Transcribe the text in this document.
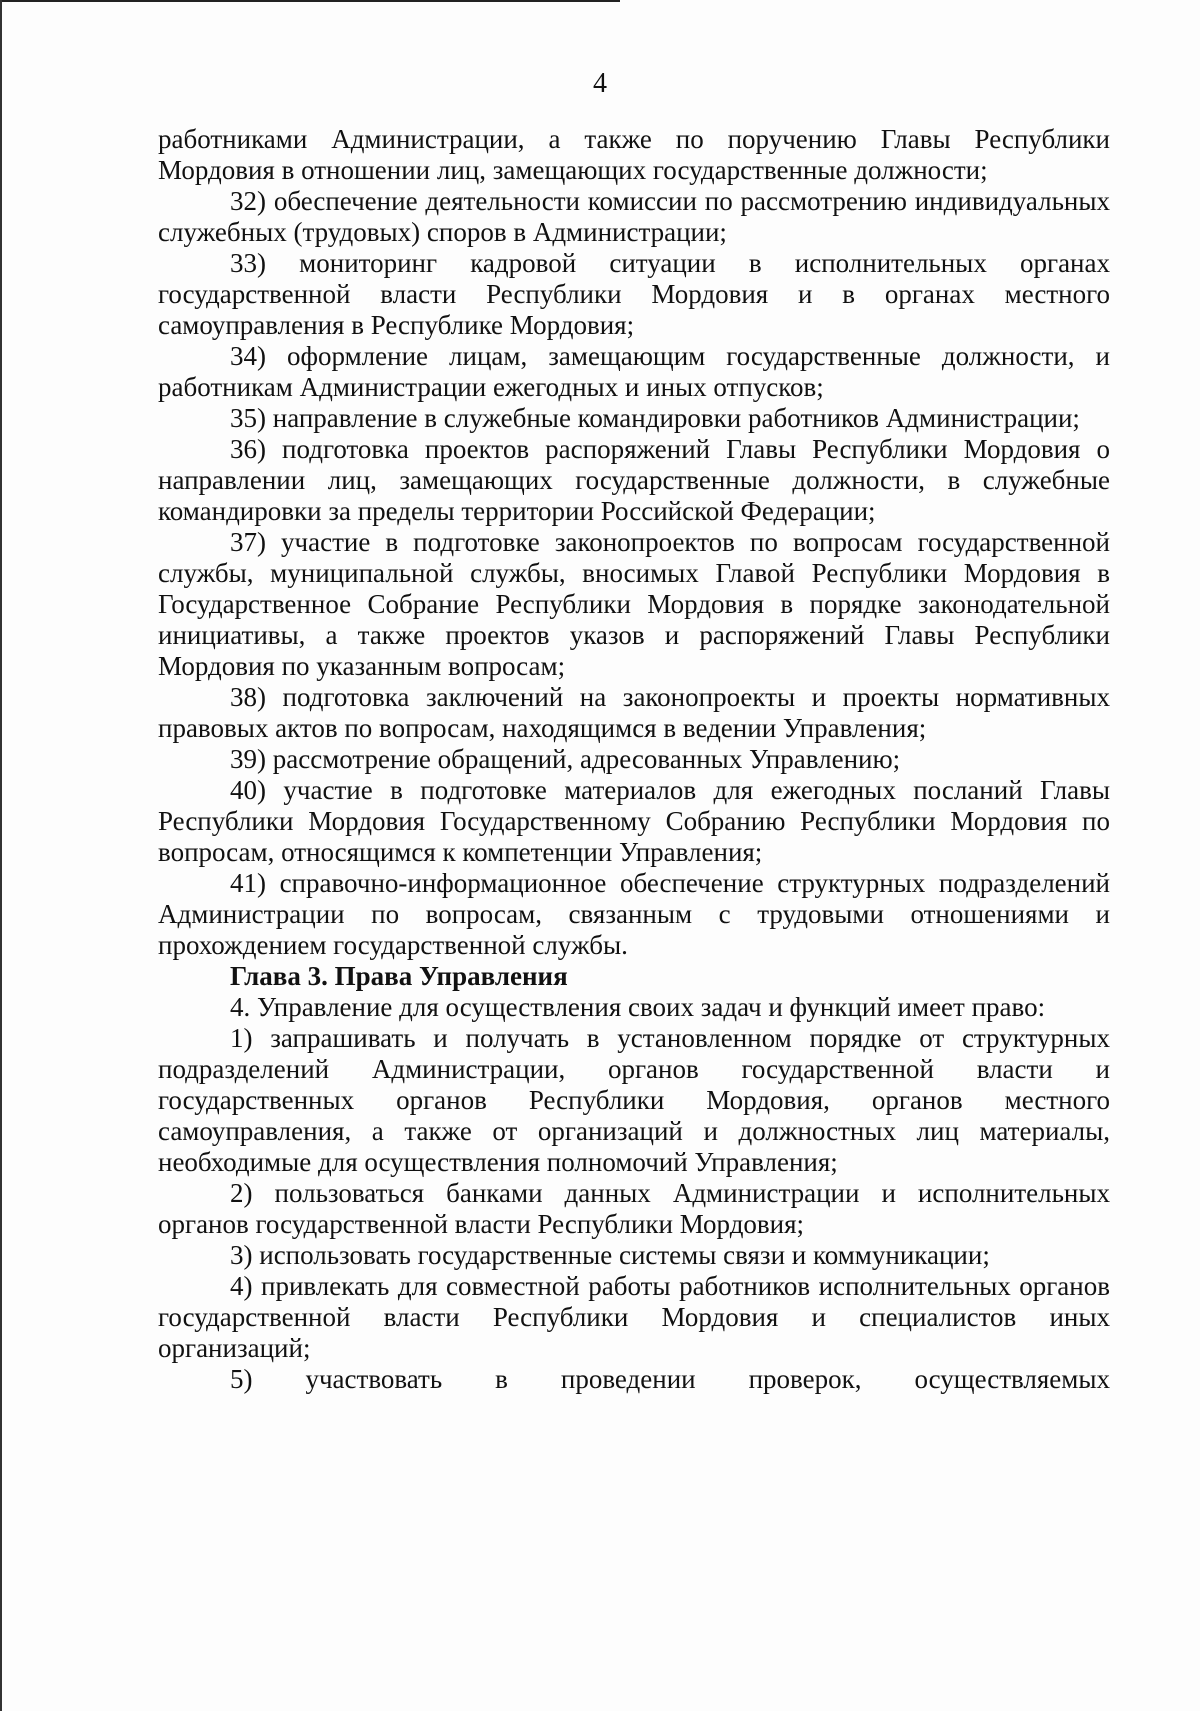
4

работниками Администрации, а также по поручению Главы Республики Мордовия в отношении лиц, замещающих государственные должности;

32) обеспечение деятельности комиссии по рассмотрению индивидуальных служебных (трудовых) споров в Администрации;

33) мониторинг кадровой ситуации в исполнительных органах государственной власти Республики Мордовия и в органах местного самоуправления в Республике Мордовия;

34) оформление лицам, замещающим государственные должности, и работникам Администрации ежегодных и иных отпусков;

35) направление в служебные командировки работников Администрации;

36) подготовка проектов распоряжений Главы Республики Мордовия о направлении лиц, замещающих государственные должности, в служебные командировки за пределы территории Российской Федерации;

37) участие в подготовке законопроектов по вопросам государственной службы, муниципальной службы, вносимых Главой Республики Мордовия в Государственное Собрание Республики Мордовия в порядке законодательной инициативы, а также проектов указов и распоряжений Главы Республики Мордовия по указанным вопросам;

38) подготовка заключений на законопроекты и проекты нормативных правовых актов по вопросам, находящимся в ведении Управления;

39) рассмотрение обращений, адресованных Управлению;

40) участие в подготовке материалов для ежегодных посланий Главы Республики Мордовия Государственному Собранию Республики Мордовия по вопросам, относящимся к компетенции Управления;

41) справочно-информационное обеспечение структурных подразделений Администрации по вопросам, связанным с трудовыми отношениями и прохождением государственной службы.

Глава 3. Права Управления

4. Управление для осуществления своих задач и функций имеет право:

1) запрашивать и получать в установленном порядке от структурных подразделений Администрации, органов государственной власти и государственных органов Республики Мордовия, органов местного самоуправления, а также от организаций и должностных лиц материалы, необходимые для осуществления полномочий Управления;

2) пользоваться банками данных Администрации и исполнительных органов государственной власти Республики Мордовия;

3) использовать государственные системы связи и коммуникации;

4) привлекать для совместной работы работников исполнительных органов государственной власти Республики Мордовия и специалистов иных организаций;

5) участвовать в проведении проверок, осуществляемых
